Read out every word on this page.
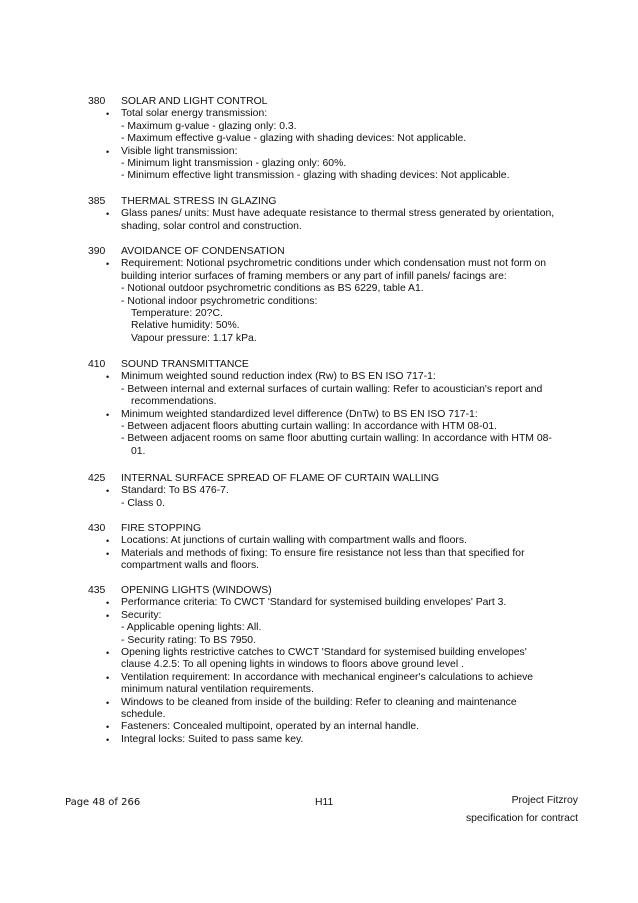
380	SOLAR AND LIGHT CONTROL
• Total solar energy transmission:
- Maximum g-value - glazing only: 0.3.
- Maximum effective g-value - glazing with shading devices: Not applicable.
• Visible light transmission:
- Minimum light transmission - glazing only: 60%.
- Minimum effective light transmission - glazing with shading devices: Not applicable.
385	THERMAL STRESS IN GLAZING
• Glass panes/ units: Must have adequate resistance to thermal stress generated by orientation, shading, solar control and construction.
390	AVOIDANCE OF CONDENSATION
• Requirement: Notional psychrometric conditions under which condensation must not form on building interior surfaces of framing members or any part of infill panels/ facings are:
- Notional outdoor psychrometric conditions as BS 6229, table A1.
- Notional indoor psychrometric conditions:
Temperature: 20?C.
Relative humidity: 50%.
Vapour pressure: 1.17 kPa.
410	SOUND TRANSMITTANCE
• Minimum weighted sound reduction index (Rw) to BS EN ISO 717-1:
- Between internal and external surfaces of curtain walling: Refer to acoustician's report and recommendations.
• Minimum weighted standardized level difference (DnTw) to BS EN ISO 717-1:
- Between adjacent floors abutting curtain walling: In accordance with HTM 08-01.
- Between adjacent rooms on same floor abutting curtain walling: In accordance with HTM 08-01.
425	INTERNAL SURFACE SPREAD OF FLAME OF CURTAIN WALLING
• Standard: To BS 476-7.
- Class 0.
430	FIRE STOPPING
• Locations: At junctions of curtain walling with compartment walls and floors.
• Materials and methods of fixing: To ensure fire resistance not less than that specified for compartment walls and floors.
435	OPENING LIGHTS (WINDOWS)
• Performance criteria: To CWCT 'Standard for systemised building envelopes' Part 3.
• Security:
- Applicable opening lights: All.
- Security rating: To BS 7950.
• Opening lights restrictive catches to CWCT 'Standard for systemised building envelopes' clause 4.2.5: To all opening lights in windows to floors above ground level .
• Ventilation requirement: In accordance with mechanical engineer's calculations to achieve minimum natural ventilation requirements.
• Windows to be cleaned from inside of the building: Refer to cleaning and maintenance schedule.
• Fasteners: Concealed multipoint, operated by an internal handle.
• Integral locks: Suited to pass same key.
Page 48 of 266	H11	Project Fitzroy
specification for contract
